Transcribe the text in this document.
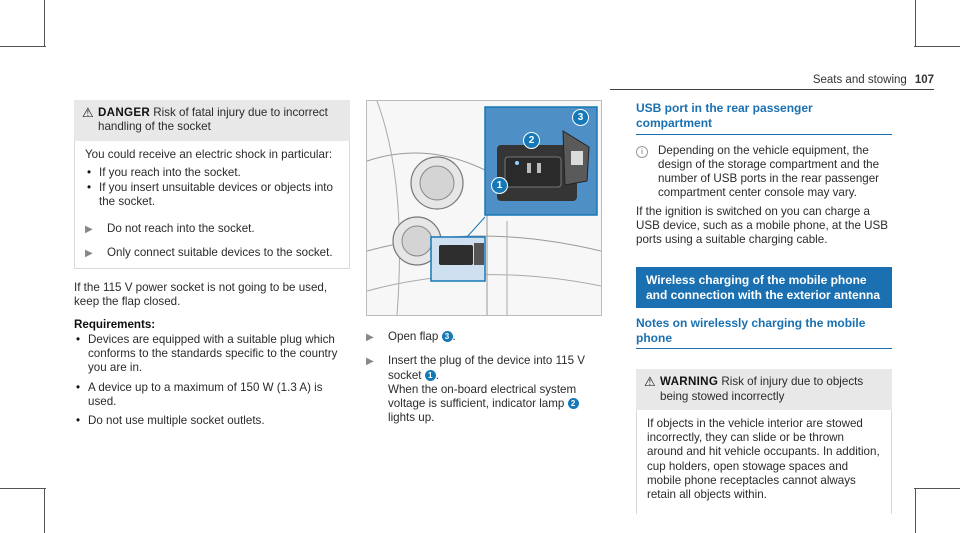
Seats and stowing 107
⚠ DANGER Risk of fatal injury due to incorrect handling of the socket

You could receive an electric shock in particular:

• If you reach into the socket.
• If you insert unsuitable devices or objects into the socket.
▶	Do not reach into the socket.
▶	Only connect suitable devices to the socket.

If the 115 V power socket is not going to be used, keep the flap closed.

Requirements:
• Devices are equipped with a suitable plug which conforms to the standards specific to the country you are in.
• A device up to a maximum of 150 W (1.3 A) is used.
• Do not use multiple socket outlets.
1
2
3
▶	Open flap 3 .
▶	Insert the plug of the device into 115 V socket 1 .
When the on-board electrical system voltage is sufficient, indicator lamp 2 lights up.
USB port in the rear passenger compartment
i	Depending on the vehicle equipment, the design of the storage compartment and the number of USB ports in the rear passenger compartment center console may vary.

If the ignition is switched on you can charge a USB device, such as a mobile phone, at the USB ports using a suitable charging cable.

Wireless charging of the mobile phone and connection with the exterior antenna
Notes on wirelessly charging the mobile phone
⚠ WARNING Risk of injury due to objects being stowed incorrectly

If objects in the vehicle interior are stowed incorrectly, they can slide or be thrown around and hit vehicle occupants. In addition, cup holders, open stowage spaces and mobile phone receptacles cannot always retain all objects within.
